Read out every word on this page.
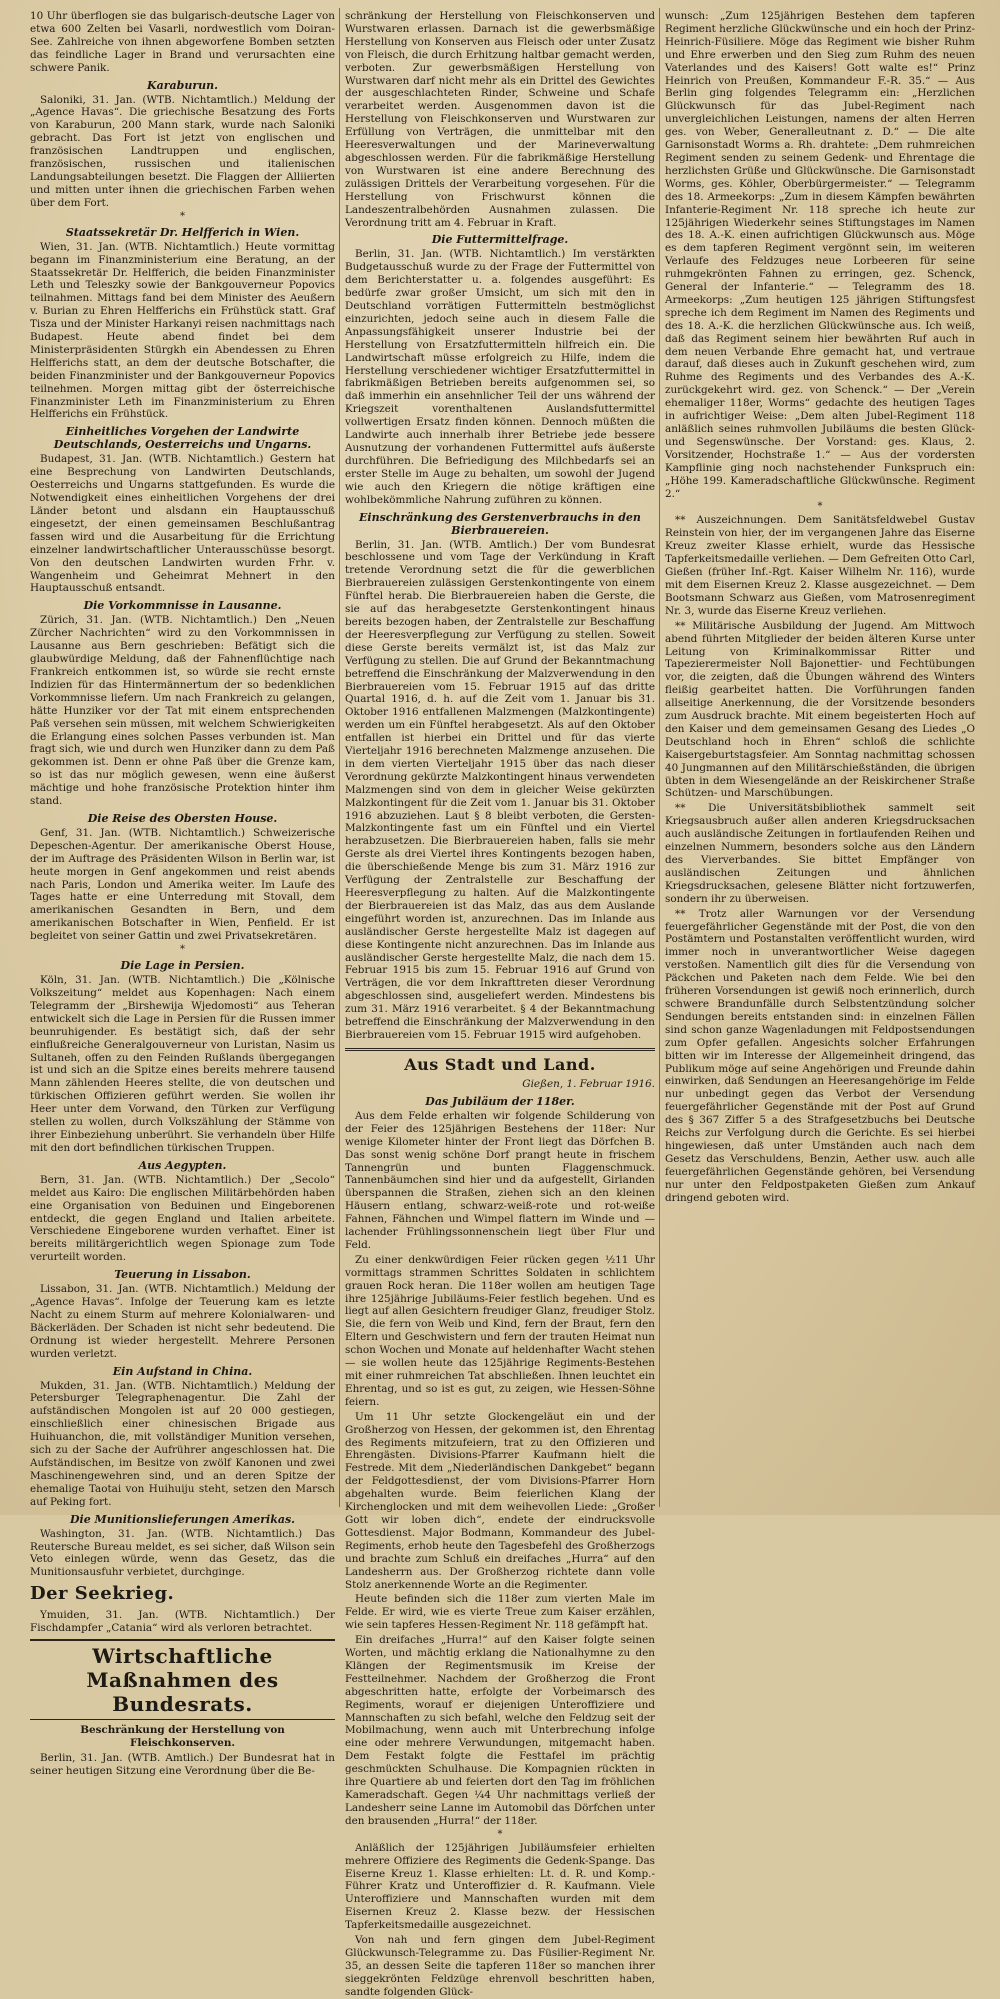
10 Uhr überflogen sie das bulgarisch-deutsche Lager von etwa 600 Zelten bei Vasarli, nordwestlich vom Doiran-See. Zahlreiche von ihnen abgeworfene Bomben setzten das feindliche Lager in Brand und verursachten eine schwere Panik.

Karaburun.

Saloniki, 31. Jan. (WTB. Nichtamtlich.) Meldung der „Agence Havas“. Die griechische Besatzung des Forts von Karaburun, 200 Mann stark, wurde nach Saloniki gebracht. Das Fort ist jetzt von englischen und französischen Landtruppen und englischen, französischen, russischen und italienischen Landungsabteilungen besetzt. Die Flaggen der Alliierten und mitten unter ihnen die griechischen Farben wehen über dem Fort.

*
Staatssekretär Dr. Helfferich in Wien.

Wien, 31. Jan. (WTB. Nichtamtlich.) Heute vormittag begann im Finanzministerium eine Beratung, an der Staatssekretär Dr. Helfferich, die beiden Finanzminister Leth und Teleszky sowie der Bankgouverneur Popovics teilnahmen. Mittags fand bei dem Minister des Aeußern v. Burian zu Ehren Helfferichs ein Frühstück statt. Graf Tisza und der Minister Harkanyi reisen nachmittags nach Budapest. Heute abend findet bei dem Ministerpräsidenten Stürgkh ein Abendessen zu Ehren Helfferichs statt, an dem der deutsche Botschafter, die beiden Finanzminister und der Bankgouverneur Popovics teilnehmen. Morgen mittag gibt der österreichische Finanzminister Leth im Finanzministerium zu Ehren Helfferichs ein Frühstück.

Einheitliches Vorgehen der Landwirte Deutschlands, Oesterreichs und Ungarns.

Budapest, 31. Jan. (WTB. Nichtamtlich.) Gestern hat eine Besprechung von Landwirten Deutschlands, Oesterreichs und Ungarns stattgefunden. Es wurde die Notwendigkeit eines einheitlichen Vorgehens der drei Länder betont und alsdann ein Hauptausschuß eingesetzt, der einen gemeinsamen Beschlußantrag fassen wird und die Ausarbeitung für die Errichtung einzelner landwirtschaftlicher Unterausschüsse besorgt. Von den deutschen Landwirten wurden Frhr. v. Wangenheim und Geheimrat Mehnert in den Hauptausschuß entsandt.

Die Vorkommnisse in Lausanne.

Zürich, 31. Jan. (WTB. Nichtamtlich.) Den „Neuen Zürcher Nachrichten“ wird zu den Vorkommnissen in Lausanne aus Bern geschrieben: Befätigt sich die glaubwürdige Meldung, daß der Fahnenflüchtige nach Frankreich entkommen ist, so würde sie recht ernste Indizien für das Hintermännertum der so bedenklichen Vorkommnisse liefern. Um nach Frankreich zu gelangen, hätte Hunziker vor der Tat mit einem entsprechenden Paß versehen sein müssen, mit welchem Schwierigkeiten die Erlangung eines solchen Passes verbunden ist. Man fragt sich, wie und durch wen Hunziker dann zu dem Paß gekommen ist. Denn er ohne Paß über die Grenze kam, so ist das nur möglich gewesen, wenn eine äußerst mächtige und hohe französische Protektion hinter ihm stand.

Die Reise des Obersten House.

Genf, 31. Jan. (WTB. Nichtamtlich.) Schweizerische Depeschen-Agentur. Der amerikanische Oberst House, der im Auftrage des Präsidenten Wilson in Berlin war, ist heute morgen in Genf angekommen und reist abends nach Paris, London und Amerika weiter. Im Laufe des Tages hatte er eine Unterredung mit Stovall, dem amerikanischen Gesandten in Bern, und dem amerikanischen Botschafter in Wien, Penfield. Er ist begleitet von seiner Gattin und zwei Privatsekretären.

*
Die Lage in Persien.

Köln, 31. Jan. (WTB. Nichtamtlich.) Die „Kölnische Volkszeitung“ meldet aus Kopenhagen: Nach einem Telegramm der „Birshewija Wjedomosti“ aus Teheran entwickelt sich die Lage in Persien für die Russen immer beunruhigender. Es bestätigt sich, daß der sehr einflußreiche Generalgouverneur von Luristan, Nasim us Sultaneh, offen zu den Feinden Rußlands übergegangen ist und sich an die Spitze eines bereits mehrere tausend Mann zählenden Heeres stellte, die von deutschen und türkischen Offizieren geführt werden. Sie wollen ihr Heer unter dem Vorwand, den Türken zur Verfügung stellen zu wollen, durch Volkszählung der Stämme von ihrer Einbeziehung unberührt. Sie verhandeln über Hilfe mit den dort befindlichen türkischen Truppen.

Aus Aegypten.

Bern, 31. Jan. (WTB. Nichtamtlich.) Der „Secolo“ meldet aus Kairo: Die englischen Militärbehörden haben eine Organisation von Beduinen und Eingeborenen entdeckt, die gegen England und Italien arbeitete. Verschiedene Eingeborene wurden verhaftet. Einer ist bereits militärgerichtlich wegen Spionage zum Tode verurteilt worden.

Teuerung in Lissabon.

Lissabon, 31. Jan. (WTB. Nichtamtlich.) Meldung der „Agence Havas“. Infolge der Teuerung kam es letzte Nacht zu einem Sturm auf mehrere Kolonialwaren- und Bäckerläden. Der Schaden ist nicht sehr bedeutend. Die Ordnung ist wieder hergestellt. Mehrere Personen wurden verletzt.

Ein Aufstand in China.

Mukden, 31. Jan. (WTB. Nichtamtlich.) Meldung der Petersburger Telegraphenagentur. Die Zahl der aufständischen Mongolen ist auf 20 000 gestiegen, einschließlich einer chinesischen Brigade aus Huihuanchon, die, mit vollständiger Munition versehen, sich zu der Sache der Aufrührer angeschlossen hat. Die Aufständischen, im Besitze von zwölf Kanonen und zwei Maschinengewehren sind, und an deren Spitze der ehemalige Taotai von Huihuiju steht, setzen den Marsch auf Peking fort.

Die Munitionslieferungen Amerikas.

Washington, 31. Jan. (WTB. Nichtamtlich.) Das Reutersche Bureau meldet, es sei sicher, daß Wilson sein Veto einlegen würde, wenn das Gesetz, das die Munitionsausfuhr verbietet, durchginge.

Der Seekrieg.

Ymuiden, 31. Jan. (WTB. Nichtamtlich.) Der Fischdampfer „Catania“ wird als verloren betrachtet.

Wirtschaftliche Maßnahmen des Bundesrats.
Beschränkung der Herstellung von Fleischkonserven.

Berlin, 31. Jan. (WTB. Amtlich.) Der Bundesrat hat in seiner heutigen Sitzung eine Verordnung über die Be-

schränkung der Herstellung von Fleischkonserven und Wurstwaren erlassen. Darnach ist die gewerbsmäßige Herstellung von Konserven aus Fleisch oder unter Zusatz von Fleisch, die durch Erhitzung haltbar gemacht werden, verboten. Zur gewerbsmäßigen Herstellung von Wurstwaren darf nicht mehr als ein Drittel des Gewichtes der ausgeschlachteten Rinder, Schweine und Schafe verarbeitet werden. Ausgenommen davon ist die Herstellung von Fleischkonserven und Wurstwaren zur Erfüllung von Verträgen, die unmittelbar mit den Heeresverwaltungen und der Marineverwaltung abgeschlossen werden. Für die fabrikmäßige Herstellung von Wurstwaren ist eine andere Berechnung des zulässigen Drittels der Verarbeitung vorgesehen. Für die Herstellung von Frischwurst können die Landeszentralbehörden Ausnahmen zulassen. Die Verordnung tritt am 4. Februar in Kraft.

Die Futtermittelfrage.

Berlin, 31. Jan. (WTB. Nichtamtlich.) Im verstärkten Budgetausschuß wurde zu der Frage der Futtermittel von dem Berichterstatter u. a. folgendes ausgeführt: Es bedürfe zwar großer Umsicht, um sich mit den in Deutschland vorrätigen Futtermitteln bestmöglichst einzurichten, jedoch seine auch in diesem Falle die Anpassungsfähigkeit unserer Industrie bei der Herstellung von Ersatzfuttermitteln hilfreich ein. Die Landwirtschaft müsse erfolgreich zu Hilfe, indem die Herstellung verschiedener wichtiger Ersatzfuttermittel in fabrikmäßigen Betrieben bereits aufgenommen sei, so daß immerhin ein ansehnlicher Teil der uns während der Kriegszeit vorenthaltenen Auslandsfuttermittel vollwertigen Ersatz finden können. Dennoch müßten die Landwirte auch innerhalb ihrer Betriebe jede bessere Ausnutzung der vorhandenen Futtermittel aufs äußerste durchführen. Die Befriedigung des Milchbedarfs sei an erster Stelle im Auge zu behalten, um sowohl der Jugend wie auch den Kriegern die nötige kräftigen eine wohlbekömmliche Nahrung zuführen zu können.

Einschränkung des Gerstenverbrauchs in den Bierbrauereien.

Berlin, 31. Jan. (WTB. Amtlich.) Der vom Bundesrat beschlossene und vom Tage der Verkündung in Kraft tretende Verordnung setzt die für die gewerblichen Bierbrauereien zulässigen Gerstenkontingente von einem Fünftel herab. Die Bierbrauereien haben die Gerste, die sie auf das herabgesetzte Gerstenkontingent hinaus bereits bezogen haben, der Zentralstelle zur Beschaffung der Heeresverpflegung zur Verfügung zu stellen. Soweit diese Gerste bereits vermälzt ist, ist das Malz zur Verfügung zu stellen. Die auf Grund der Bekanntmachung betreffend die Einschränkung der Malzverwendung in den Bierbrauereien vom 15. Februar 1915 auf das dritte Quartal 1916, d. h. auf die Zeit vom 1. Januar bis 31. Oktober 1916 entfallenen Malzmengen (Malzkontingente) werden um ein Fünftel herabgesetzt. Als auf den Oktober entfallen ist hierbei ein Drittel und für das vierte Vierteljahr 1916 berechneten Malzmenge anzusehen. Die in dem vierten Vierteljahr 1915 über das nach dieser Verordnung gekürzte Malzkontingent hinaus verwendeten Malzmengen sind von dem in gleicher Weise gekürzten Malzkontingent für die Zeit vom 1. Januar bis 31. Oktober 1916 abzuziehen. Laut § 8 bleibt verboten, die Gersten-Malzkontingente fast um ein Fünftel und ein Viertel herabzusetzen. Die Bierbrauereien haben, falls sie mehr Gerste als drei Viertel ihres Kontingents bezogen haben, die überschießende Menge bis zum 31. März 1916 zur Verfügung der Zentralstelle zur Beschaffung der Heeresverpflegung zu halten. Auf die Malzkontingente der Bierbrauereien ist das Malz, das aus dem Auslande eingeführt worden ist, anzurechnen. Das im Inlande aus ausländischer Gerste hergestellte Malz ist dagegen auf diese Kontingente nicht anzurechnen. Das im Inlande aus ausländischer Gerste hergestellte Malz, die nach dem 15. Februar 1915 bis zum 15. Februar 1916 auf Grund von Verträgen, die vor dem Inkrafttreten dieser Verordnung abgeschlossen sind, ausgeliefert werden. Mindestens bis zum 31. März 1916 verarbeitet. § 4 der Bekanntmachung betreffend die Einschränkung der Malzverwendung in den Bierbrauereien vom 15. Februar 1915 wird aufgehoben.

Aus Stadt und Land.
Gießen, 1. Februar 1916.
Das Jubiläum der 118er.

Aus dem Felde erhalten wir folgende Schilderung von der Feier des 125jährigen Bestehens der 118er: Nur wenige Kilometer hinter der Front liegt das Dörfchen B. Das sonst wenig schöne Dorf prangt heute in frischem Tannengrün und bunten Flaggenschmuck. Tannenbäumchen sind hier und da aufgestellt, Girlanden überspannen die Straßen, ziehen sich an den kleinen Häusern entlang, schwarz-weiß-rote und rot-weiße Fahnen, Fähnchen und Wimpel flattern im Winde und — lachender Frühlingssonnenschein liegt über Flur und Feld.

Zu einer denkwürdigen Feier rücken gegen ½11 Uhr vormittags strammen Schrittes Soldaten in schlichtem grauen Rock heran. Die 118er wollen am heutigen Tage ihre 125jährige Jubiläums-Feier festlich begehen. Und es liegt auf allen Gesichtern freudiger Glanz, freudiger Stolz. Sie, die fern von Weib und Kind, fern der Braut, fern den Eltern und Geschwistern und fern der trauten Heimat nun schon Wochen und Monate auf heldenhafter Wacht stehen — sie wollen heute das 125jährige Regiments-Bestehen mit einer ruhmreichen Tat abschließen. Ihnen leuchtet ein Ehrentag, und so ist es gut, zu zeigen, wie Hessen-Söhne feiern.

Um 11 Uhr setzte Glockengeläut ein und der Großherzog von Hessen, der gekommen ist, den Ehrentag des Regiments mitzufeiern, trat zu den Offizieren und Ehrengästen. Divisions-Pfarrer Kaufmann hielt die Festrede. Mit dem „Niederländischen Dankgebet“ begann der Feldgottesdienst, der vom Divisions-Pfarrer Horn abgehalten wurde. Beim feierlichen Klang der Kirchenglocken und mit dem weihevollen Liede: „Großer Gott wir loben dich“, endete der eindrucksvolle Gottesdienst. Major Bodmann, Kommandeur des Jubel-Regiments, erhob heute den Tagesbefehl des Großherzogs und brachte zum Schluß ein dreifaches „Hurra“ auf den Landesherrn aus. Der Großherzog richtete dann volle Stolz anerkennende Worte an die Regimenter.

Heute befinden sich die 118er zum vierten Male im Felde. Er wird, wie es vierte Treue zum Kaiser erzählen, wie sein tapferes Hessen-Regiment Nr. 118 gefämpft hat.

Ein dreifaches „Hurra!“ auf den Kaiser folgte seinen Worten, und mächtig erklang die Nationalhymne zu den Klängen der Regimentsmusik im Kreise der Festteilnehmer. Nachdem der Großherzog die Front abgeschritten hatte, erfolgte der Vorbeimarsch des Regiments, worauf er diejenigen Unteroffiziere und Mannschaften zu sich befahl, welche den Feldzug seit der Mobilmachung, wenn auch mit Unterbrechung infolge eine oder mehrere Verwundungen, mitgemacht haben. Dem Festakt folgte die Festtafel im prächtig geschmückten Schulhause. Die Kompagnien rückten in ihre Quartiere ab und feierten dort den Tag im fröhlichen Kameradschaft. Gegen ¼4 Uhr nachmittags verließ der Landesherr seine Lanne im Automobil das Dörfchen unter den brausenden „Hurra!“ der 118er.

*

Anläßlich der 125jährigen Jubiläumsfeier erhielten mehrere Offiziere des Regiments die Gedenk-Spange. Das Eiserne Kreuz 1. Klasse erhielten: Lt. d. R. und Komp.-Führer Kratz und Unteroffizier d. R. Kaufmann. Viele Unteroffiziere und Mannschaften wurden mit dem Eisernen Kreuz 2. Klasse bezw. der Hessischen Tapferkeitsmedaille ausgezeichnet.

Von nah und fern gingen dem Jubel-Regiment Glückwunsch-Telegramme zu. Das Füsilier-Regiment Nr. 35, an dessen Seite die tapferen 118er so manchen ihrer sieggekrönten Feldzüge ehrenvoll beschritten haben, sandte folgenden Glück-

wunsch: „Zum 125jährigen Bestehen dem tapferen Regiment herzliche Glückwünsche und ein hoch der Prinz-Heinrich-Füsiliere. Möge das Regiment wie bisher Ruhm und Ehre erwerben und den Sieg zum Ruhm des neuen Vaterlandes und des Kaisers! Gott walte es!“ Prinz Heinrich von Preußen, Kommandeur F.-R. 35.“ — Aus Berlin ging folgendes Telegramm ein: „Herzlichen Glückwunsch für das Jubel-Regiment nach unvergleichlichen Leistungen, namens der alten Herren ges. von Weber, Generalleutnant z. D.“ — Die alte Garnisonstadt Worms a. Rh. drahtete: „Dem ruhmreichen Regiment senden zu seinem Gedenk- und Ehrentage die herzlichsten Grüße und Glückwünsche. Die Garnisonstadt Worms, ges. Köhler, Oberbürgermeister.“ — Telegramm des 18. Armeekorps: „Zum in diesem Kämpfen bewährten Infanterie-Regiment Nr. 118 spreche ich heute zur 125jährigen Wiederkehr seines Stiftungstages im Namen des 18. A.-K. einen aufrichtigen Glückwunsch aus. Möge es dem tapferen Regiment vergönnt sein, im weiteren Verlaufe des Feldzuges neue Lorbeeren für seine ruhmgekrönten Fahnen zu erringen, gez. Schenck, General der Infanterie.“ — Telegramm des 18. Armeekorps: „Zum heutigen 125 jährigen Stiftungsfest spreche ich dem Regiment im Namen des Regiments und des 18. A.-K. die herzlichen Glückwünsche aus. Ich weiß, daß das Regiment seinem hier bewährten Ruf auch in dem neuen Verbande Ehre gemacht hat, und vertraue darauf, daß dieses auch in Zukunft geschehen wird, zum Ruhme des Regiments und des Verbandes des A.-K. zurückgekehrt wird. gez. von Schenck.“ — Der „Verein ehemaliger 118er, Worms“ gedachte des heutigen Tages in aufrichtiger Weise: „Dem alten Jubel-Regiment 118 anläßlich seines ruhmvollen Jubiläums die besten Glück- und Segenswünsche. Der Vorstand: ges. Klaus, 2. Vorsitzender, Hochstraße 1.“ — Aus der vordersten Kampflinie ging noch nachstehender Funkspruch ein: „Höhe 199. Kameradschaftliche Glückwünsche. Regiment 2.“

*

** Auszeichnungen. Dem Sanitätsfeldwebel Gustav Reinstein von hier, der im vergangenen Jahre das Eiserne Kreuz zweiter Klasse erhielt, wurde das Hessische Tapferkeitsmedaille verliehen. — Dem Gefreiten Otto Carl, Gießen (früher Inf.-Rgt. Kaiser Wilhelm Nr. 116), wurde mit dem Eisernen Kreuz 2. Klasse ausgezeichnet. — Dem Bootsmann Schwarz aus Gießen, vom Matrosenregiment Nr. 3, wurde das Eiserne Kreuz verliehen.

** Militärische Ausbildung der Jugend. Am Mittwoch abend führten Mitglieder der beiden älteren Kurse unter Leitung von Kriminalkommissar Ritter und Tapezierermeister Noll Bajonettier- und Fechtübungen vor, die zeigten, daß die Übungen während des Winters fleißig gearbeitet hatten. Die Vorführungen fanden allseitige Anerkennung, die der Vorsitzende besonders zum Ausdruck brachte. Mit einem begeisterten Hoch auf den Kaiser und dem gemeinsamen Gesang des Liedes „O Deutschland hoch in Ehren“ schloß die schlichte Kaisergeburtstagsfeier. Am Sonntag nachmittag schossen 40 Jungmannen auf den Militärschießständen, die übrigen übten in dem Wiesengelände an der Reiskirchener Straße Schützen- und Marschübungen.

** Die Universitätsbibliothek sammelt seit Kriegsausbruch außer allen anderen Kriegsdrucksachen auch ausländische Zeitungen in fortlaufenden Reihen und einzelnen Nummern, besonders solche aus den Ländern des Vierverbandes. Sie bittet Empfänger von ausländischen Zeitungen und ähnlichen Kriegsdrucksachen, gelesene Blätter nicht fortzuwerfen, sondern ihr zu überweisen.

** Trotz aller Warnungen vor der Versendung feuergefährlicher Gegenstände mit der Post, die von den Postämtern und Postanstalten veröffentlicht wurden, wird immer noch in unverantwortlicher Weise dagegen verstoßen. Namentlich gilt dies für die Versendung von Päckchen und Paketen nach dem Felde. Wie bei den früheren Vorsendungen ist gewiß noch erinnerlich, durch schwere Brandunfälle durch Selbstentzündung solcher Sendungen bereits entstanden sind: in einzelnen Fällen sind schon ganze Wagenladungen mit Feldpostsendungen zum Opfer gefallen. Angesichts solcher Erfahrungen bitten wir im Interesse der Allgemeinheit dringend, das Publikum möge auf seine Angehörigen und Freunde dahin einwirken, daß Sendungen an Heeresangehörige im Felde nur unbedingt gegen das Verbot der Versendung feuergefährlicher Gegenstände mit der Post auf Grund des § 367 Ziffer 5 a des Strafgesetzbuchs bei Deutsche Reichs zur Verfolgung durch die Gerichte. Es sei hierbei hingewiesen, daß unter Umständen auch nach dem Gesetz das Verschuldens, Benzin, Aether usw. auch alle feuergefährlichen Gegenstände gehören, bei Versendung nur unter den Feldpostpaketen Gießen zum Ankauf dringend geboten wird.
